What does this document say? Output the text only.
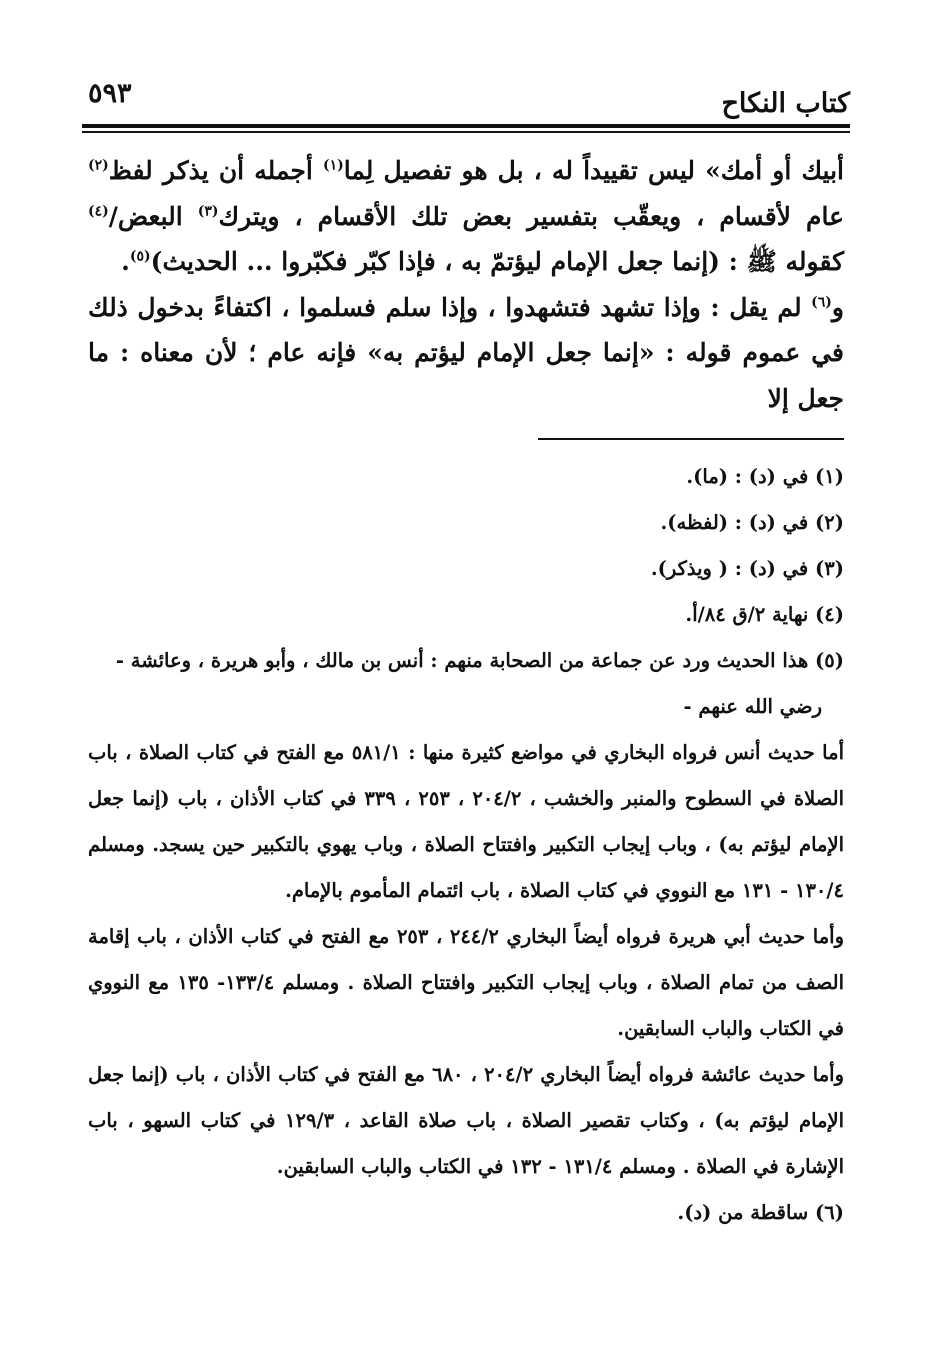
كتاب النكاح
٥٩٣

أبيك أو أمك» ليس تقييداً له ، بل هو تفصيل لِما$^{(١)}$ أجمله أن يذكر لفظ$^{(٢)}$ عام لأقسام ، ويعقّب بتفسير بعض تلك الأقسام ، ويترك$^{(٣)}$ البعض/$^{(٤)}$ كقوله ﷺ : (إنما جعل الإمام ليؤتمّ به ، فإذا كبّر فكبّروا ... الحديث)$^{(٥)}$.

و$^{(٦)}$ لم يقل : وإذا تشهد فتشهدوا ، وإذا سلم فسلموا ، اكتفاءً بدخول ذلك في عموم قوله : «إنما جعل الإمام ليؤتم به» فإنه عام ؛ لأن معناه : ما جعل إلا

(١) في (د) : (ما).

(٢) في (د) : (لفظه).

(٣) في (د) : ( ويذكر).

(٤) نهاية ٢/ق ٨٤/أ.

(٥) هذا الحديث ورد عن جماعة من الصحابة منهم : أنس بن مالك ، وأبو هريرة ، وعائشة -

رضي الله عنهم -

أما حديث أنس فرواه البخاري في مواضع كثيرة منها : ٥٨١/١ مع الفتح في كتاب الصلاة ، باب الصلاة في السطوح والمنبر والخشب ، ٢٠٤/٢ ، ٢٥٣ ، ٣٣٩ في كتاب الأذان ، باب (إنما جعل الإمام ليؤتم به) ، وباب إيجاب التكبير وافتتاح الصلاة ، وباب يهوي بالتكبير حين يسجد. ومسلم ١٣٠/٤ - ١٣١ مع النووي في كتاب الصلاة ، باب ائتمام المأموم بالإمام.

وأما حديث أبي هريرة فرواه أيضاً البخاري ٢٤٤/٢ ، ٢٥٣ مع الفتح في كتاب الأذان ، باب إقامة الصف من تمام الصلاة ، وباب إيجاب التكبير وافتتاح الصلاة . ومسلم ١٣٣/٤- ١٣٥ مع النووي في الكتاب والباب السابقين.

وأما حديث عائشة فرواه أيضاً البخاري ٢٠٤/٢ ، ٦٨٠ مع الفتح في كتاب الأذان ، باب (إنما جعل الإمام ليؤتم به) ، وكتاب تقصير الصلاة ، باب صلاة القاعد ، ١٢٩/٣ في كتاب السهو ، باب الإشارة في الصلاة . ومسلم ١٣١/٤ - ١٣٢ في الكتاب والباب السابقين.

(٦) ساقطة من (د).
